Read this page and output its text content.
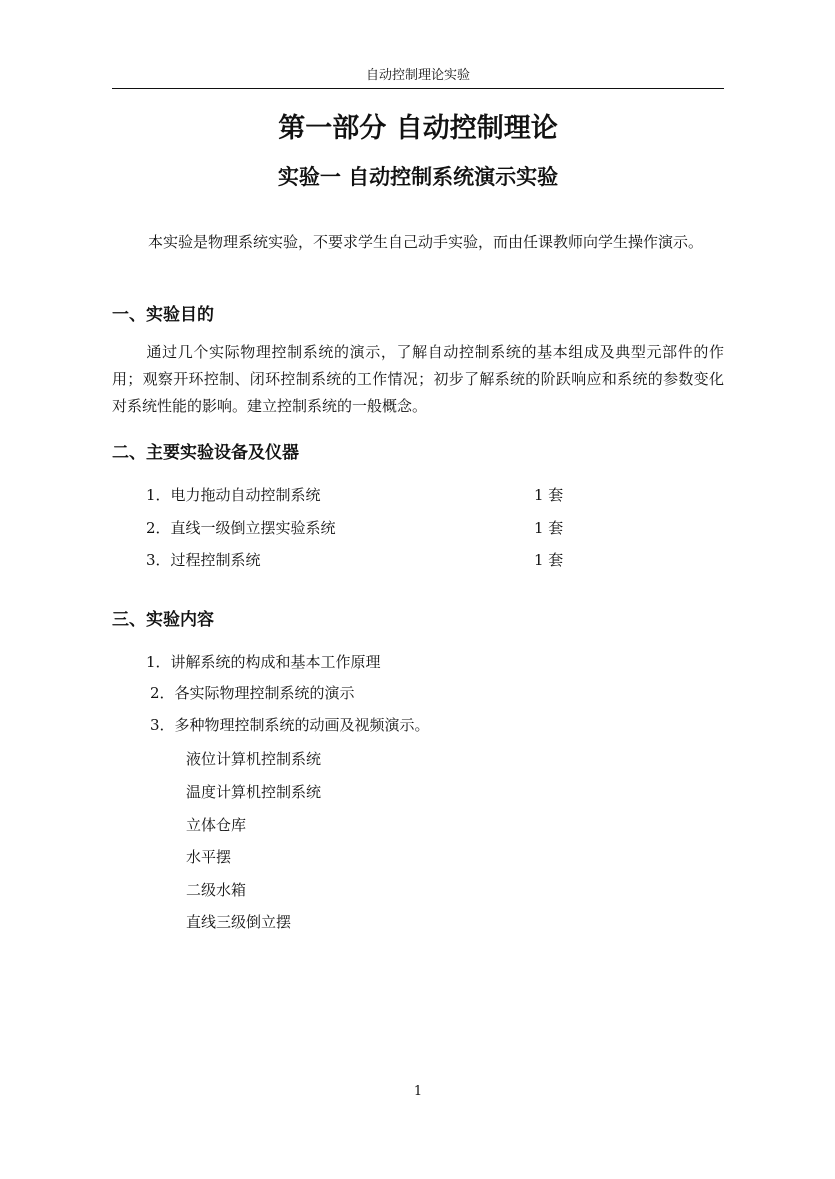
自动控制理论实验
第一部分 自动控制理论
实验一 自动控制系统演示实验
本实验是物理系统实验，不要求学生自己动手实验，而由任课教师向学生操作演示。
一、实验目的
通过几个实际物理控制系统的演示，了解自动控制系统的基本组成及典型元部件的作用；观察开环控制、闭环控制系统的工作情况；初步了解系统的阶跃响应和系统的参数变化对系统性能的影响。建立控制系统的一般概念。
二、主要实验设备及仪器
1．电力拖动自动控制系统	1 套
2．直线一级倒立摆实验系统	1 套
3．过程控制系统	1 套
三、实验内容
1．讲解系统的构成和基本工作原理
2．各实际物理控制系统的演示
3．多种物理控制系统的动画及视频演示。
液位计算机控制系统
温度计算机控制系统
立体仓库
水平摆
二级水箱
直线三级倒立摆
1
